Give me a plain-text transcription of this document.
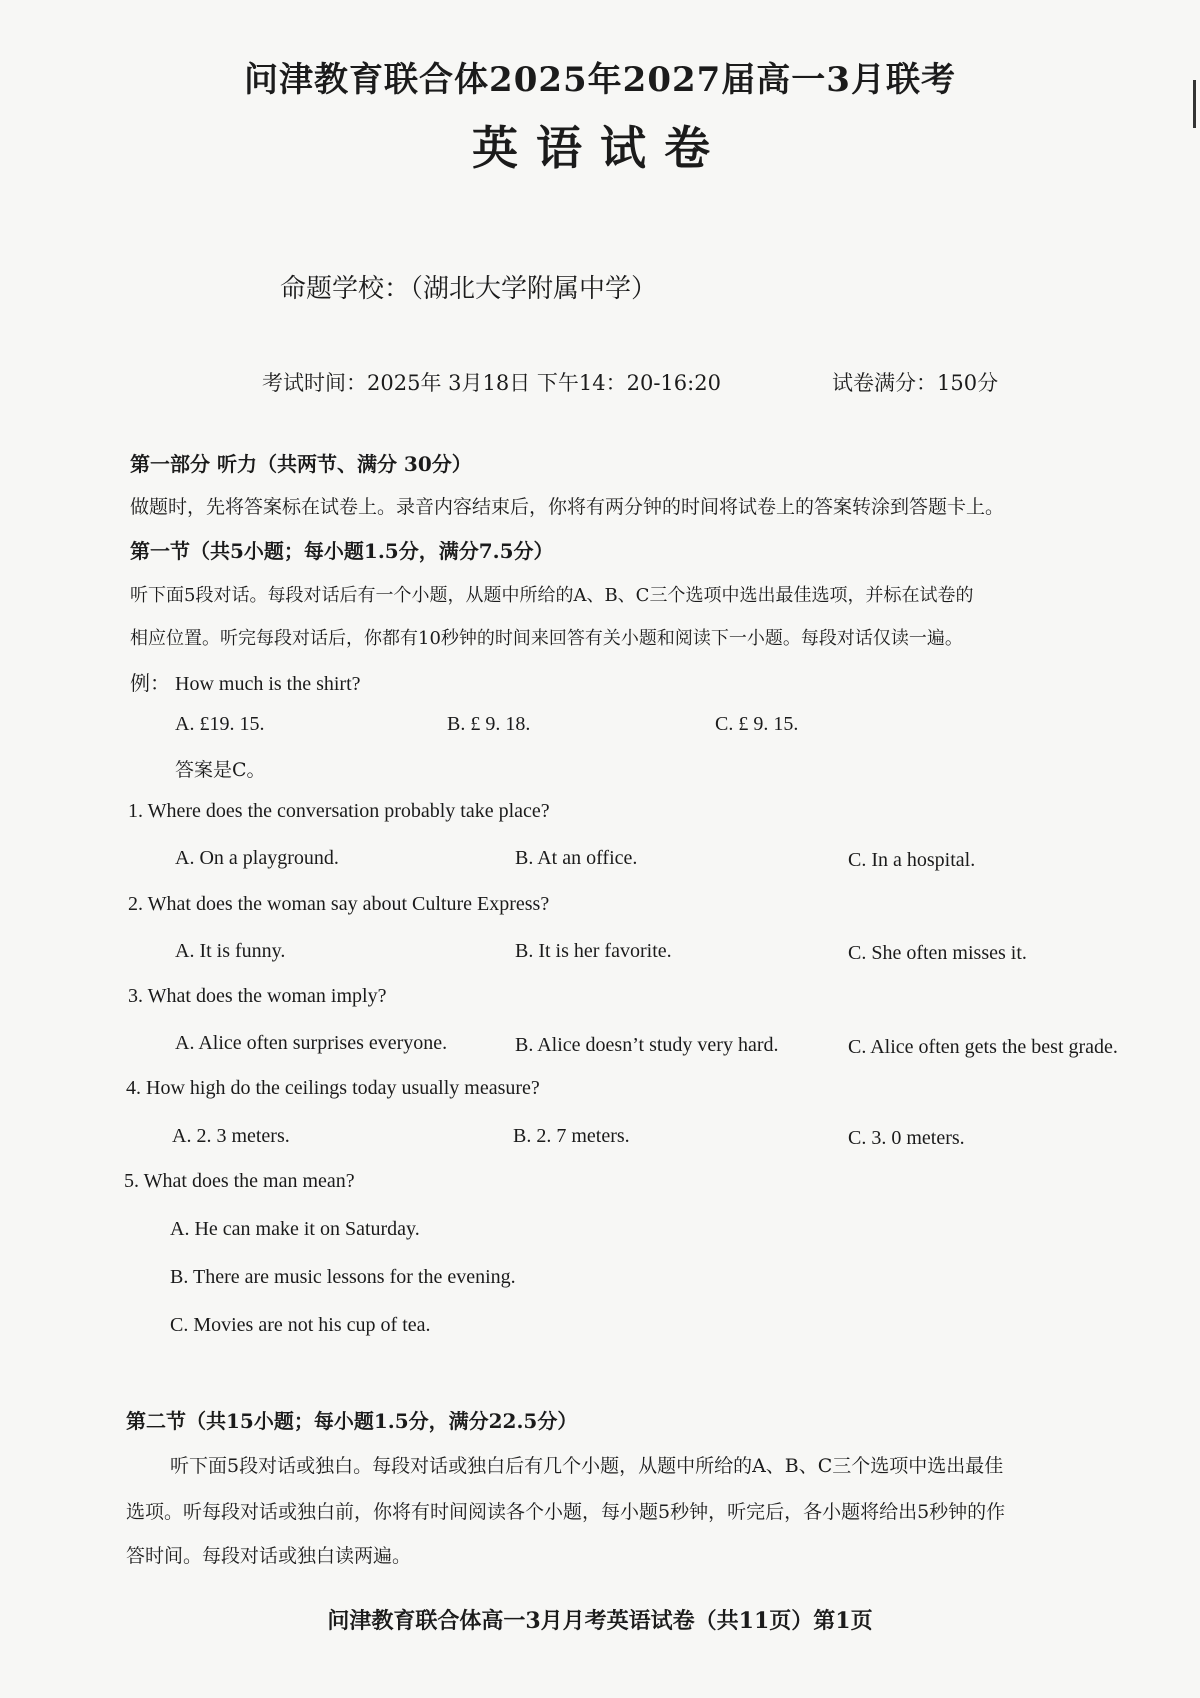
问津教育联合体2025年2027届高一3月联考
英语试卷
命题学校：（湖北大学附属中学）
考试时间：2025年 3月18日 下午14：20-16:20	试卷满分：150分
第一部分 听力（共两节、满分 30分）
做题时，先将答案标在试卷上。录音内容结束后，你将有两分钟的时间将试卷上的答案转涂到答题卡上。
第一节（共5小题；每小题1.5分，满分7.5分）
听下面5段对话。每段对话后有一个小题，从题中所给的A、B、C三个选项中选出最佳选项，并标在试卷的
相应位置。听完每段对话后，你都有10秒钟的时间来回答有关小题和阅读下一小题。每段对话仅读一遍。
例： How much is the shirt?
A. £19. 15.	B. £ 9. 18.	C. £ 9. 15.
答案是C。
1. Where does the conversation probably take place?
A. On a playground.	B. At an office.	C. In a hospital.
2. What does the woman say about Culture Express?
A. It is funny.	B. It is her favorite.	C. She often misses it.
3. What does the woman imply?
A. Alice often surprises everyone.	B. Alice doesn’t study very hard.	C. Alice often gets the best grade.
4. How high do the ceilings today usually measure?
A. 2. 3 meters.	B. 2. 7 meters.	C. 3. 0 meters.
5. What does the man mean?
A. He can make it on Saturday.
B. There are music lessons for the evening.
C. Movies are not his cup of tea.
第二节（共15小题；每小题1.5分，满分22.5分）
听下面5段对话或独白。每段对话或独白后有几个小题，从题中所给的A、B、C三个选项中选出最佳
选项。听每段对话或独白前，你将有时间阅读各个小题，每小题5秒钟，听完后，各小题将给出5秒钟的作
答时间。每段对话或独白读两遍。
问津教育联合体高一3月月考英语试卷（共11页）第1页
